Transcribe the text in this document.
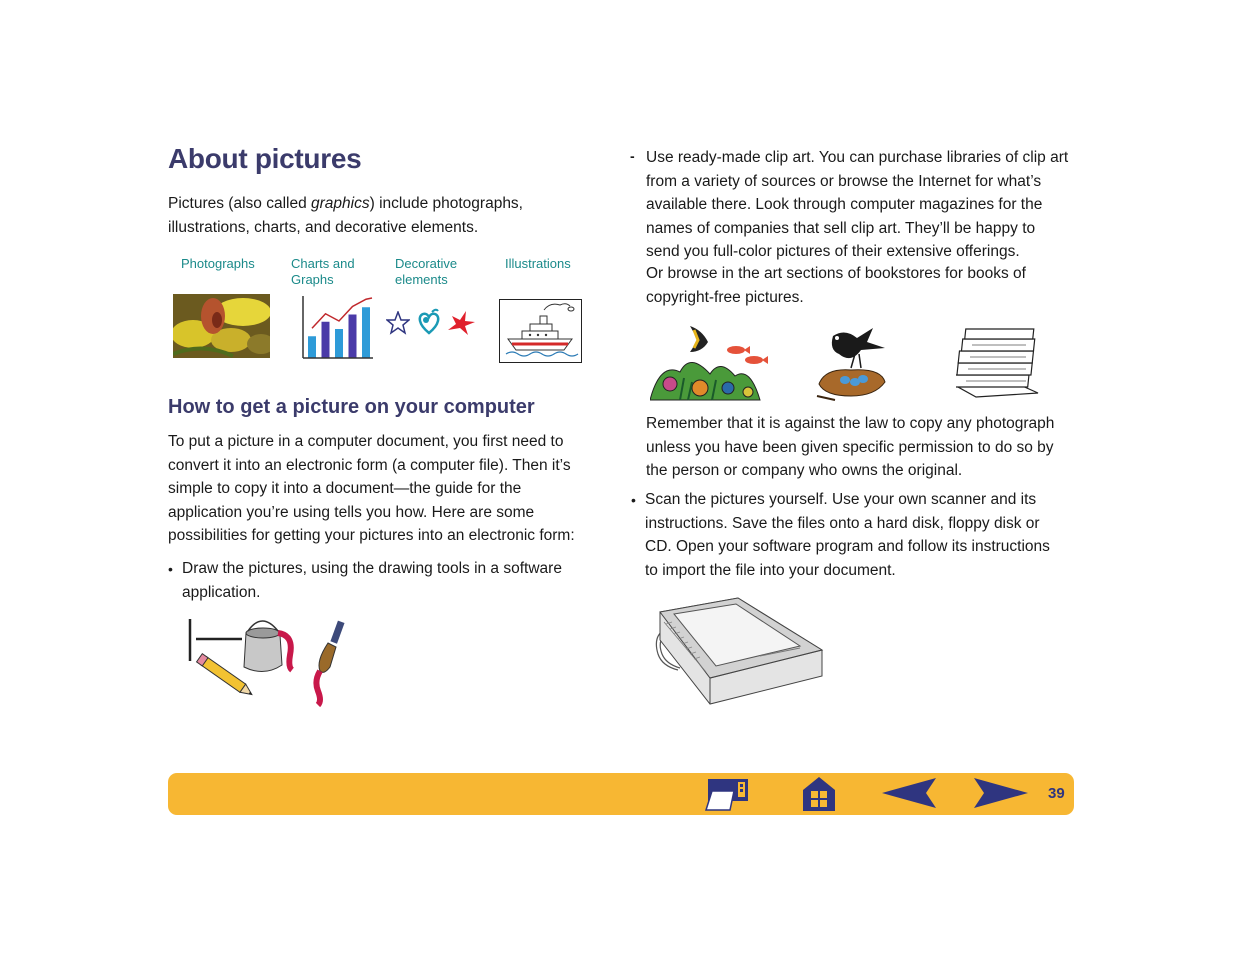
About pictures
Pictures (also called graphics) include photographs, illustrations, charts, and decorative elements.
Photographs	Charts and Graphs
Decorative elements
Illustrations
How to get a picture on your computer
To put a picture in a computer document, you first need to convert it into an electronic form (a computer file). Then it’s simple to copy it into a document—the guide for the application you’re using tells you how. Here are some possibilities for getting your pictures into an electronic form:
• Draw the pictures, using the drawing tools in a software application.
- Use ready-made clip art. You can purchase libraries of clip art from a variety of sources or browse the Internet for what’s available there. Look through computer magazines for the names of companies that sell clip art. They’ll be happy to send you full-color pictures of their extensive offerings.
Or browse in the art sections of bookstores for books of copyright-free pictures.
Remember that it is against the law to copy any photograph unless you have been given specific permission to do so by the person or company who owns the original.
• Scan the pictures yourself. Use your own scanner and its instructions. Save the files onto a hard disk, floppy disk or CD. Open your software program and follow its instructions to import the file into your document.
39
